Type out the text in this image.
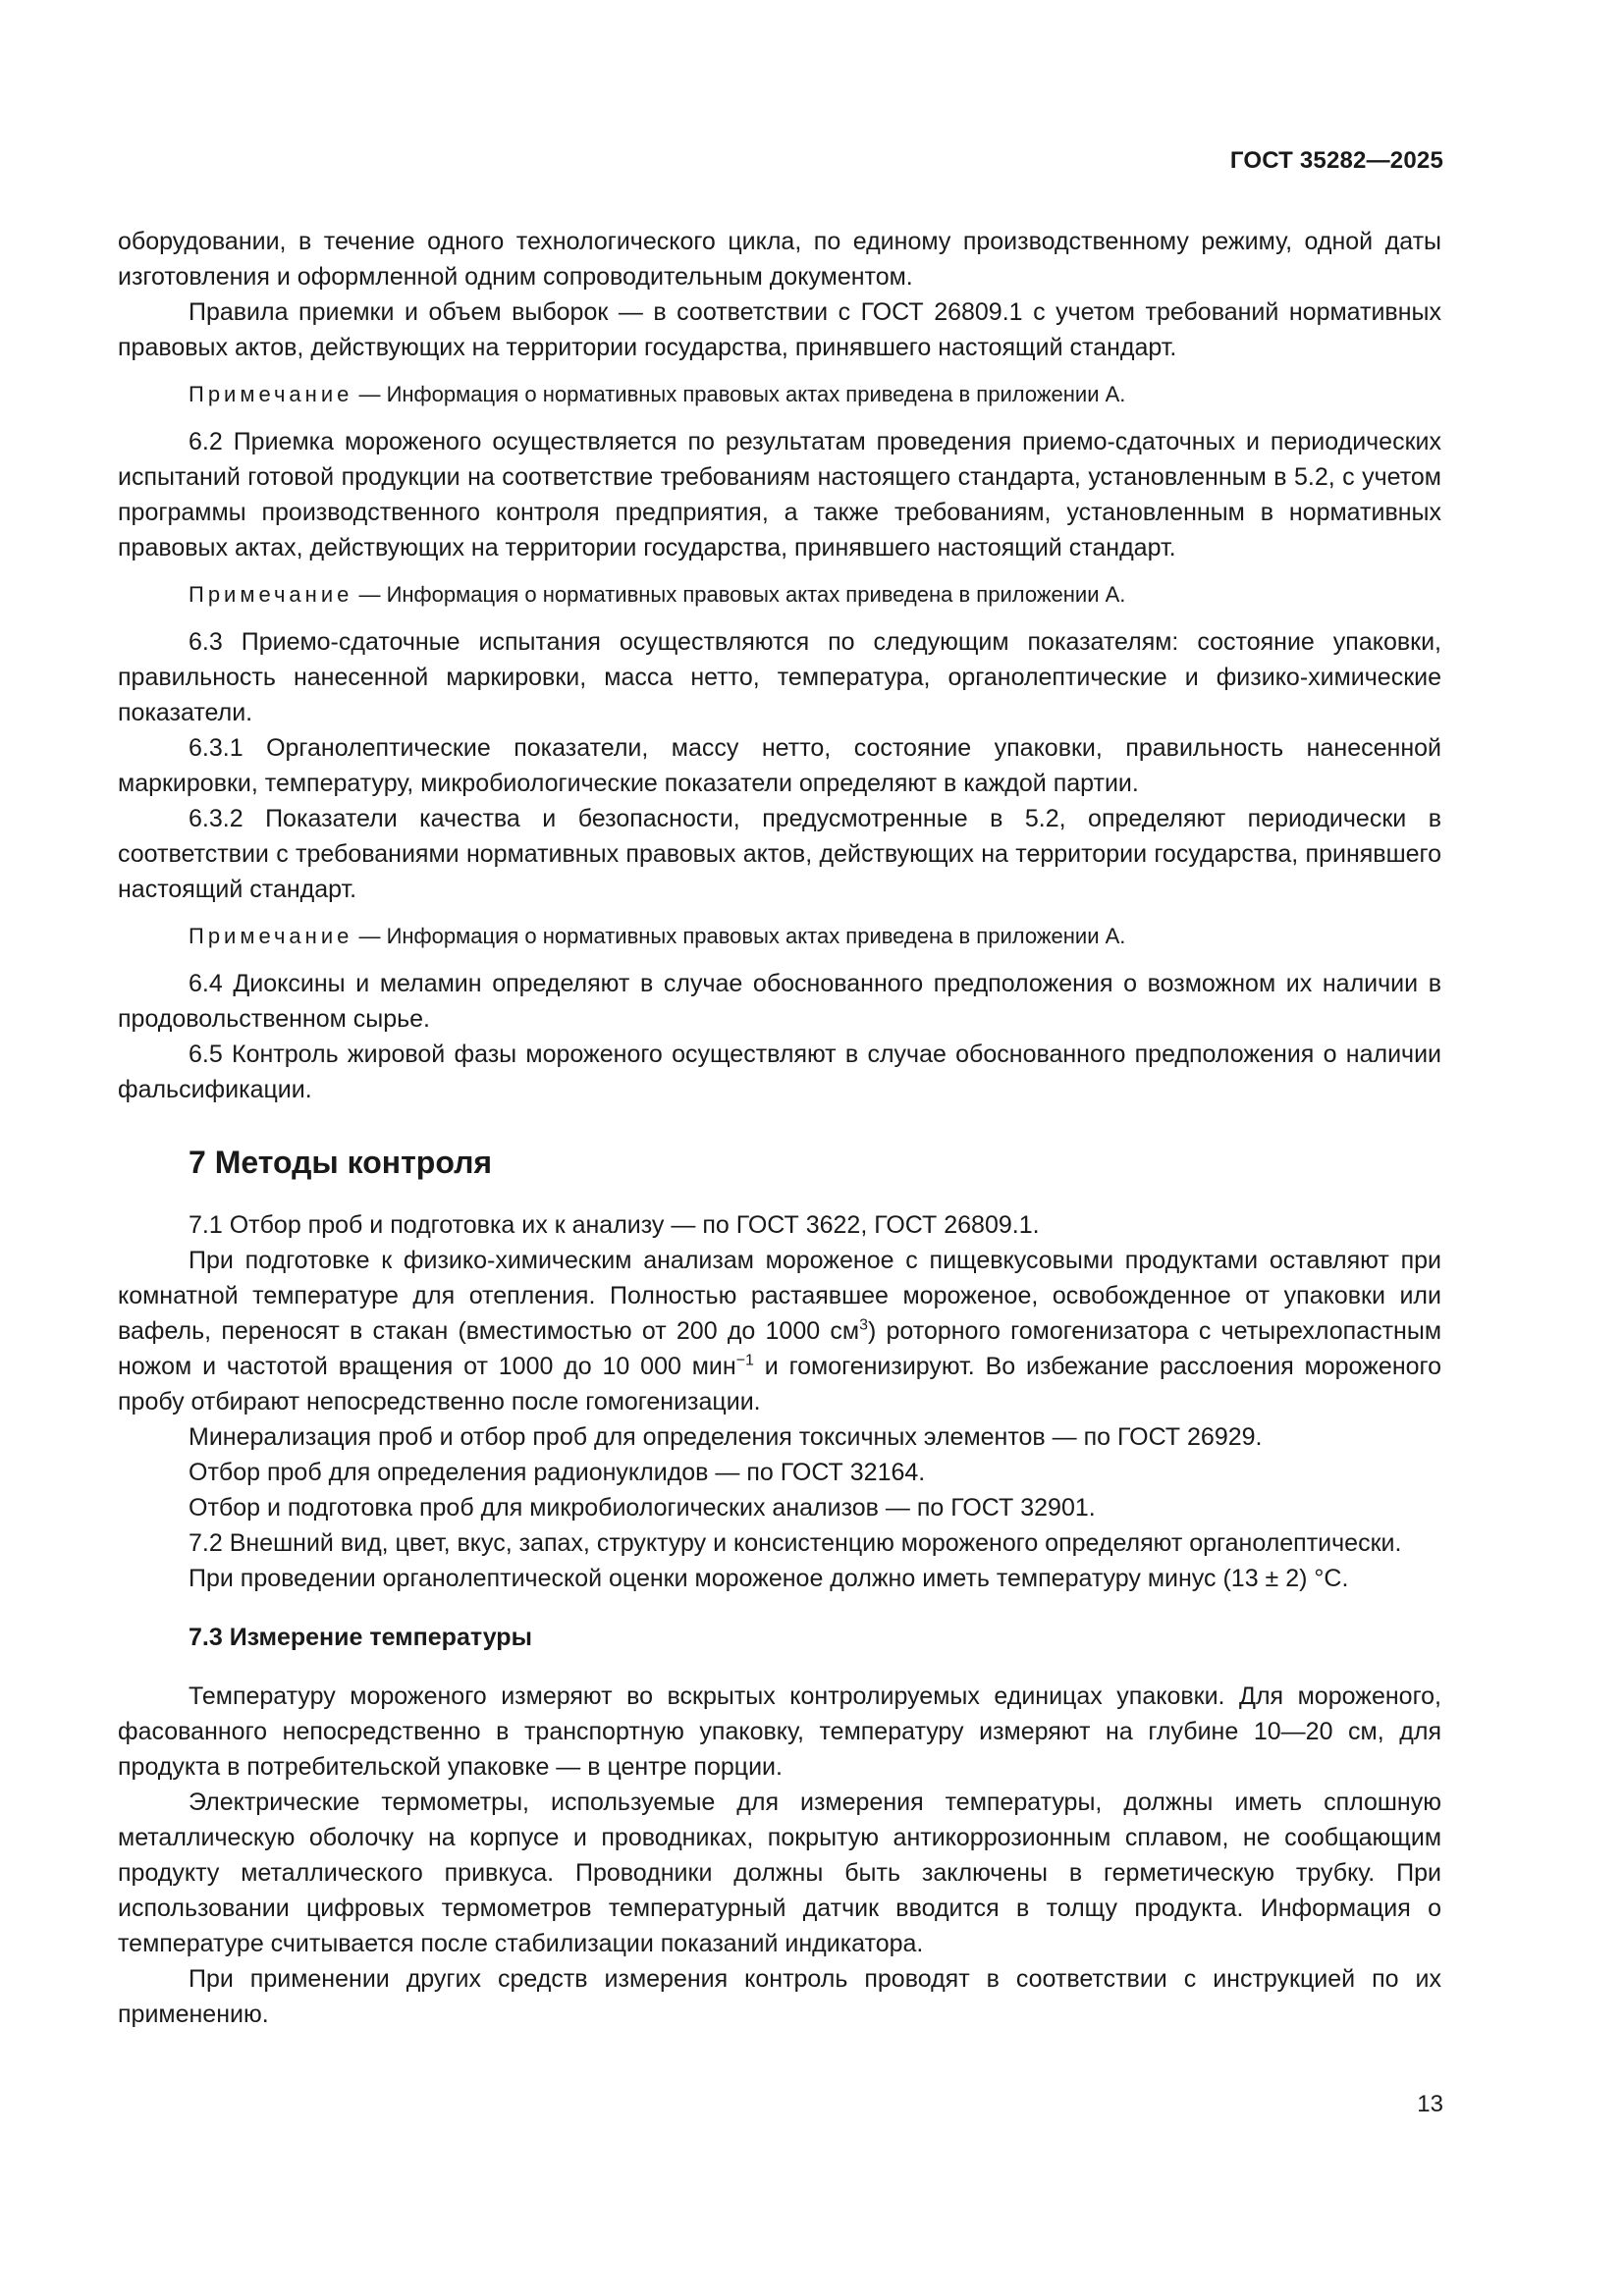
ГОСТ 35282—2025

оборудовании, в течение одного технологического цикла, по единому производственному режиму, одной даты изготовления и оформленной одним сопроводительным документом.

Правила приемки и объем выборок — в соответствии с ГОСТ 26809.1 с учетом требований нормативных правовых актов, действующих на территории государства, принявшего настоящий стандарт.

Примечание — Информация о нормативных правовых актах приведена в приложении А.

6.2 Приемка мороженого осуществляется по результатам проведения приемо-сдаточных и периодических испытаний готовой продукции на соответствие требованиям настоящего стандарта, установленным в 5.2, с учетом программы производственного контроля предприятия, а также требованиям, установленным в нормативных правовых актах, действующих на территории государства, принявшего настоящий стандарт.

Примечание — Информация о нормативных правовых актах приведена в приложении А.

6.3 Приемо-сдаточные испытания осуществляются по следующим показателям: состояние упаковки, правильность нанесенной маркировки, масса нетто, температура, органолептические и физико-химические показатели.

6.3.1 Органолептические показатели, массу нетто, состояние упаковки, правильность нанесенной маркировки, температуру, микробиологические показатели определяют в каждой партии.

6.3.2 Показатели качества и безопасности, предусмотренные в 5.2, определяют периодически в соответствии с требованиями нормативных правовых актов, действующих на территории государства, принявшего настоящий стандарт.

Примечание — Информация о нормативных правовых актах приведена в приложении А.

6.4 Диоксины и меламин определяют в случае обоснованного предположения о возможном их наличии в продовольственном сырье.

6.5 Контроль жировой фазы мороженого осуществляют в случае обоснованного предположения о наличии фальсификации.

7 Методы контроля

7.1 Отбор проб и подготовка их к анализу — по ГОСТ 3622, ГОСТ 26809.1.

При подготовке к физико-химическим анализам мороженое с пищевкусовыми продуктами оставляют при комнатной температуре для отепления. Полностью растаявшее мороженое, освобожденное от упаковки или вафель, переносят в стакан (вместимостью от 200 до 1000 $см^3$) роторного гомогенизатора с четырехлопастным ножом и частотой вращения от 1000 до 10 000 мин$^{-1}$ и гомогенизируют. Во избежание расслоения мороженого пробу отбирают непосредственно после гомогенизации.

Минерализация проб и отбор проб для определения токсичных элементов — по ГОСТ 26929.

Отбор проб для определения радионуклидов — по ГОСТ 32164.

Отбор и подготовка проб для микробиологических анализов — по ГОСТ 32901.

7.2 Внешний вид, цвет, вкус, запах, структуру и консистенцию мороженого определяют органолептически.

При проведении органолептической оценки мороженое должно иметь температуру минус (13 ± 2) °С.

7.3 Измерение температуры

Температуру мороженого измеряют во вскрытых контролируемых единицах упаковки. Для мороженого, фасованного непосредственно в транспортную упаковку, температуру измеряют на глубине 10—20 см, для продукта в потребительской упаковке — в центре порции.

Электрические термометры, используемые для измерения температуры, должны иметь сплошную металлическую оболочку на корпусе и проводниках, покрытую антикоррозионным сплавом, не сообщающим продукту металлического привкуса. Проводники должны быть заключены в герметическую трубку. При использовании цифровых термометров температурный датчик вводится в толщу продукта. Информация о температуре считывается после стабилизации показаний индикатора.

При применении других средств измерения контроль проводят в соответствии с инструкцией по их применению.

13
